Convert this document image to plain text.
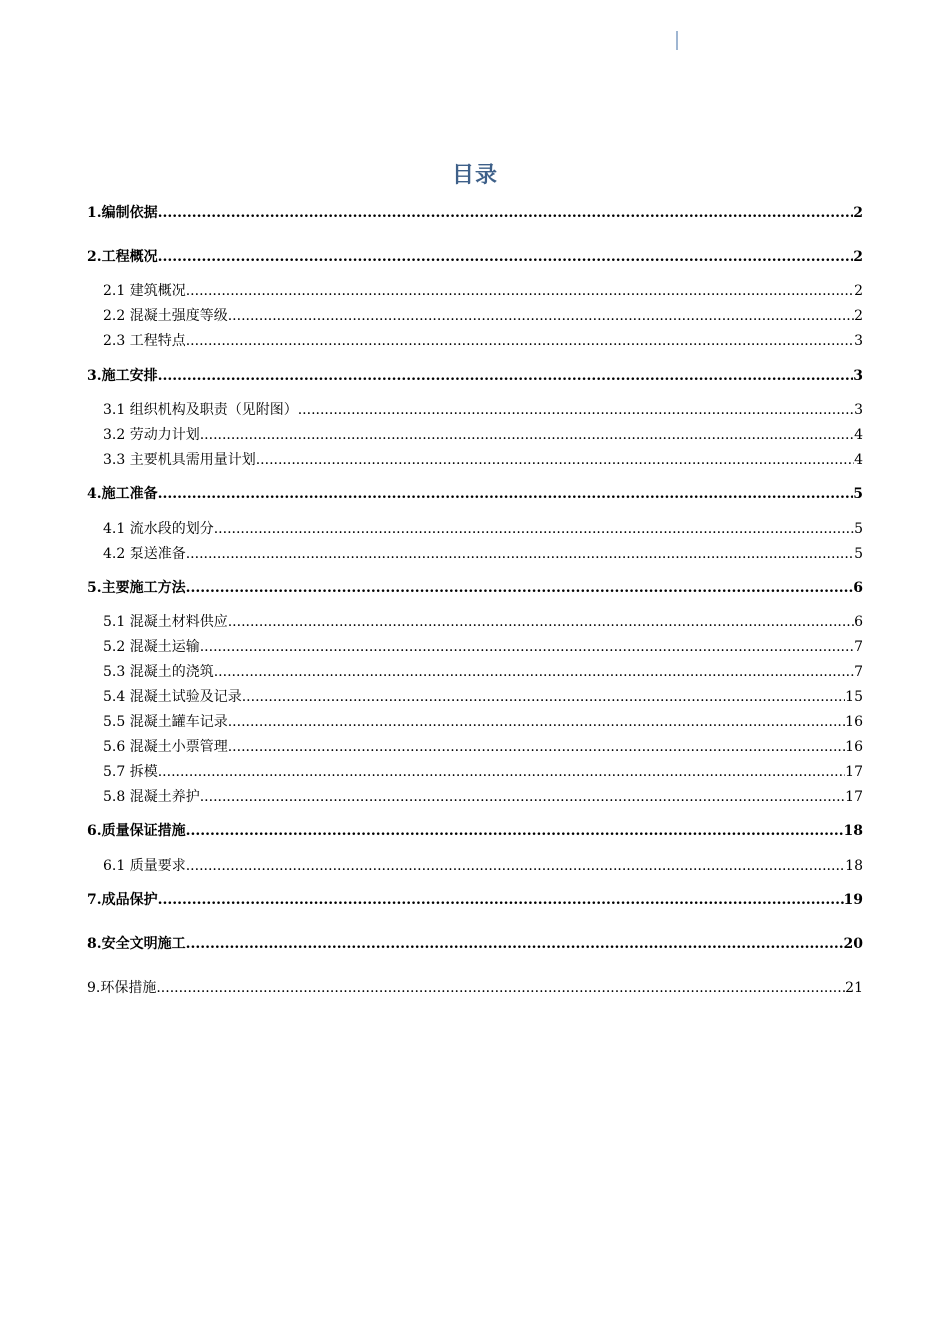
目录
1.编制依据 .....	2
2.工程概况 .....	2
2.1 建筑概况 .....	2
2.2 混凝土强度等级 .....	2
2.3 工程特点 .....	3
3.施工安排 .....	3
3.1 组织机构及职责（见附图） .....	3
3.2 劳动力计划 .....	4
3.3 主要机具需用量计划 .....	4
4.施工准备 .....	5
4.1 流水段的划分 .....	5
4.2 泵送准备 .....	5
5.主要施工方法 .....	6
5.1 混凝土材料供应 .....	6
5.2 混凝土运输 .....	7
5.3 混凝土的浇筑 .....	7
5.4 混凝土试验及记录 .....	15
5.5 混凝土罐车记录 .....	16
5.6 混凝土小票管理 .....	16
5.7 拆模 .....	17
5.8 混凝土养护 .....	17
6.质量保证措施 .....	18
6.1 质量要求 .....	18
7.成品保护 .....	19
8.安全文明施工 .....	20
9.环保措施 .....	21
